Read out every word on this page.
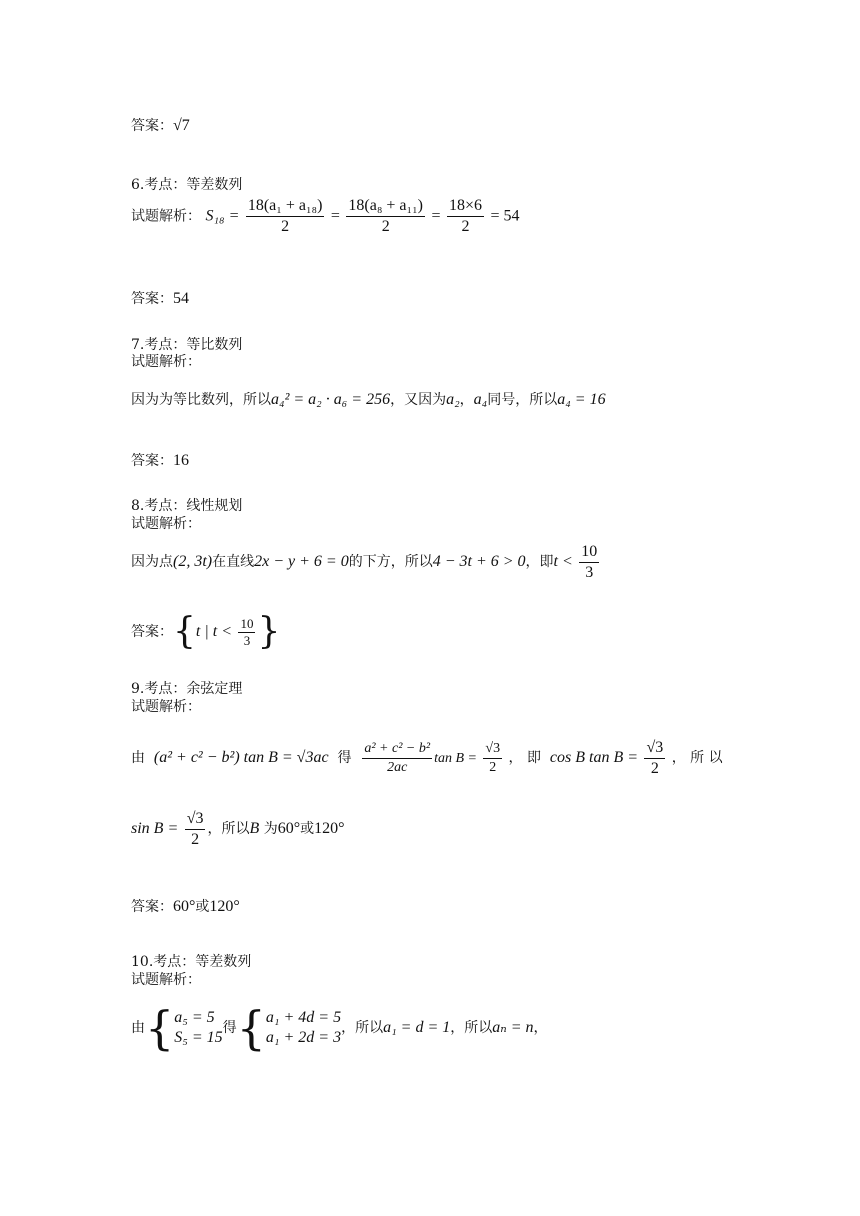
答案：√7
6.考点：等差数列
试题解析： $S_{18} = \frac{\text{18(a₁ + a₁₈)}}{2} = \frac{\text{18(a₈ + a₁₁)}}{2} = \frac{18\times 6}{2} = 54$
答案：54
7.考点：等比数列
试题解析：
因为为等比数列，所以a₄² = a₂ · a₆ = 256，又因为a₂，a₄同号，所以a₄ = 16
答案：16
8.考点：线性规划
试题解析：
因为点(2, 3t)在直线2x − y + 6 = 0的下方，所以4 − 3t + 6 > 0，即$t < \frac{10}{3}$
答案：{t | $t < \frac{10}{3}$ }
9.考点：余弦定理
试题解析：
由 (a² + c² − b²) tan B = √3ac 得 $\frac{\text{a² + c² − b²}}{2ac}$ $\tan B = \frac{√3}{2}$ ， 即 cos B $\tan B = \frac{√3}{2}$ ， 所 以
$\sin B = \frac{√3}{2}$ ，所以B 为60°或120°
答案：60°或120°
10.考点：等差数列
试题解析：
由{ a₅ = 5
S₅ = 15
得{ a₁ + 4d = 5
a₁ + 2d = 3
，所以a₁ = d = 1，所以aₙ = n，
